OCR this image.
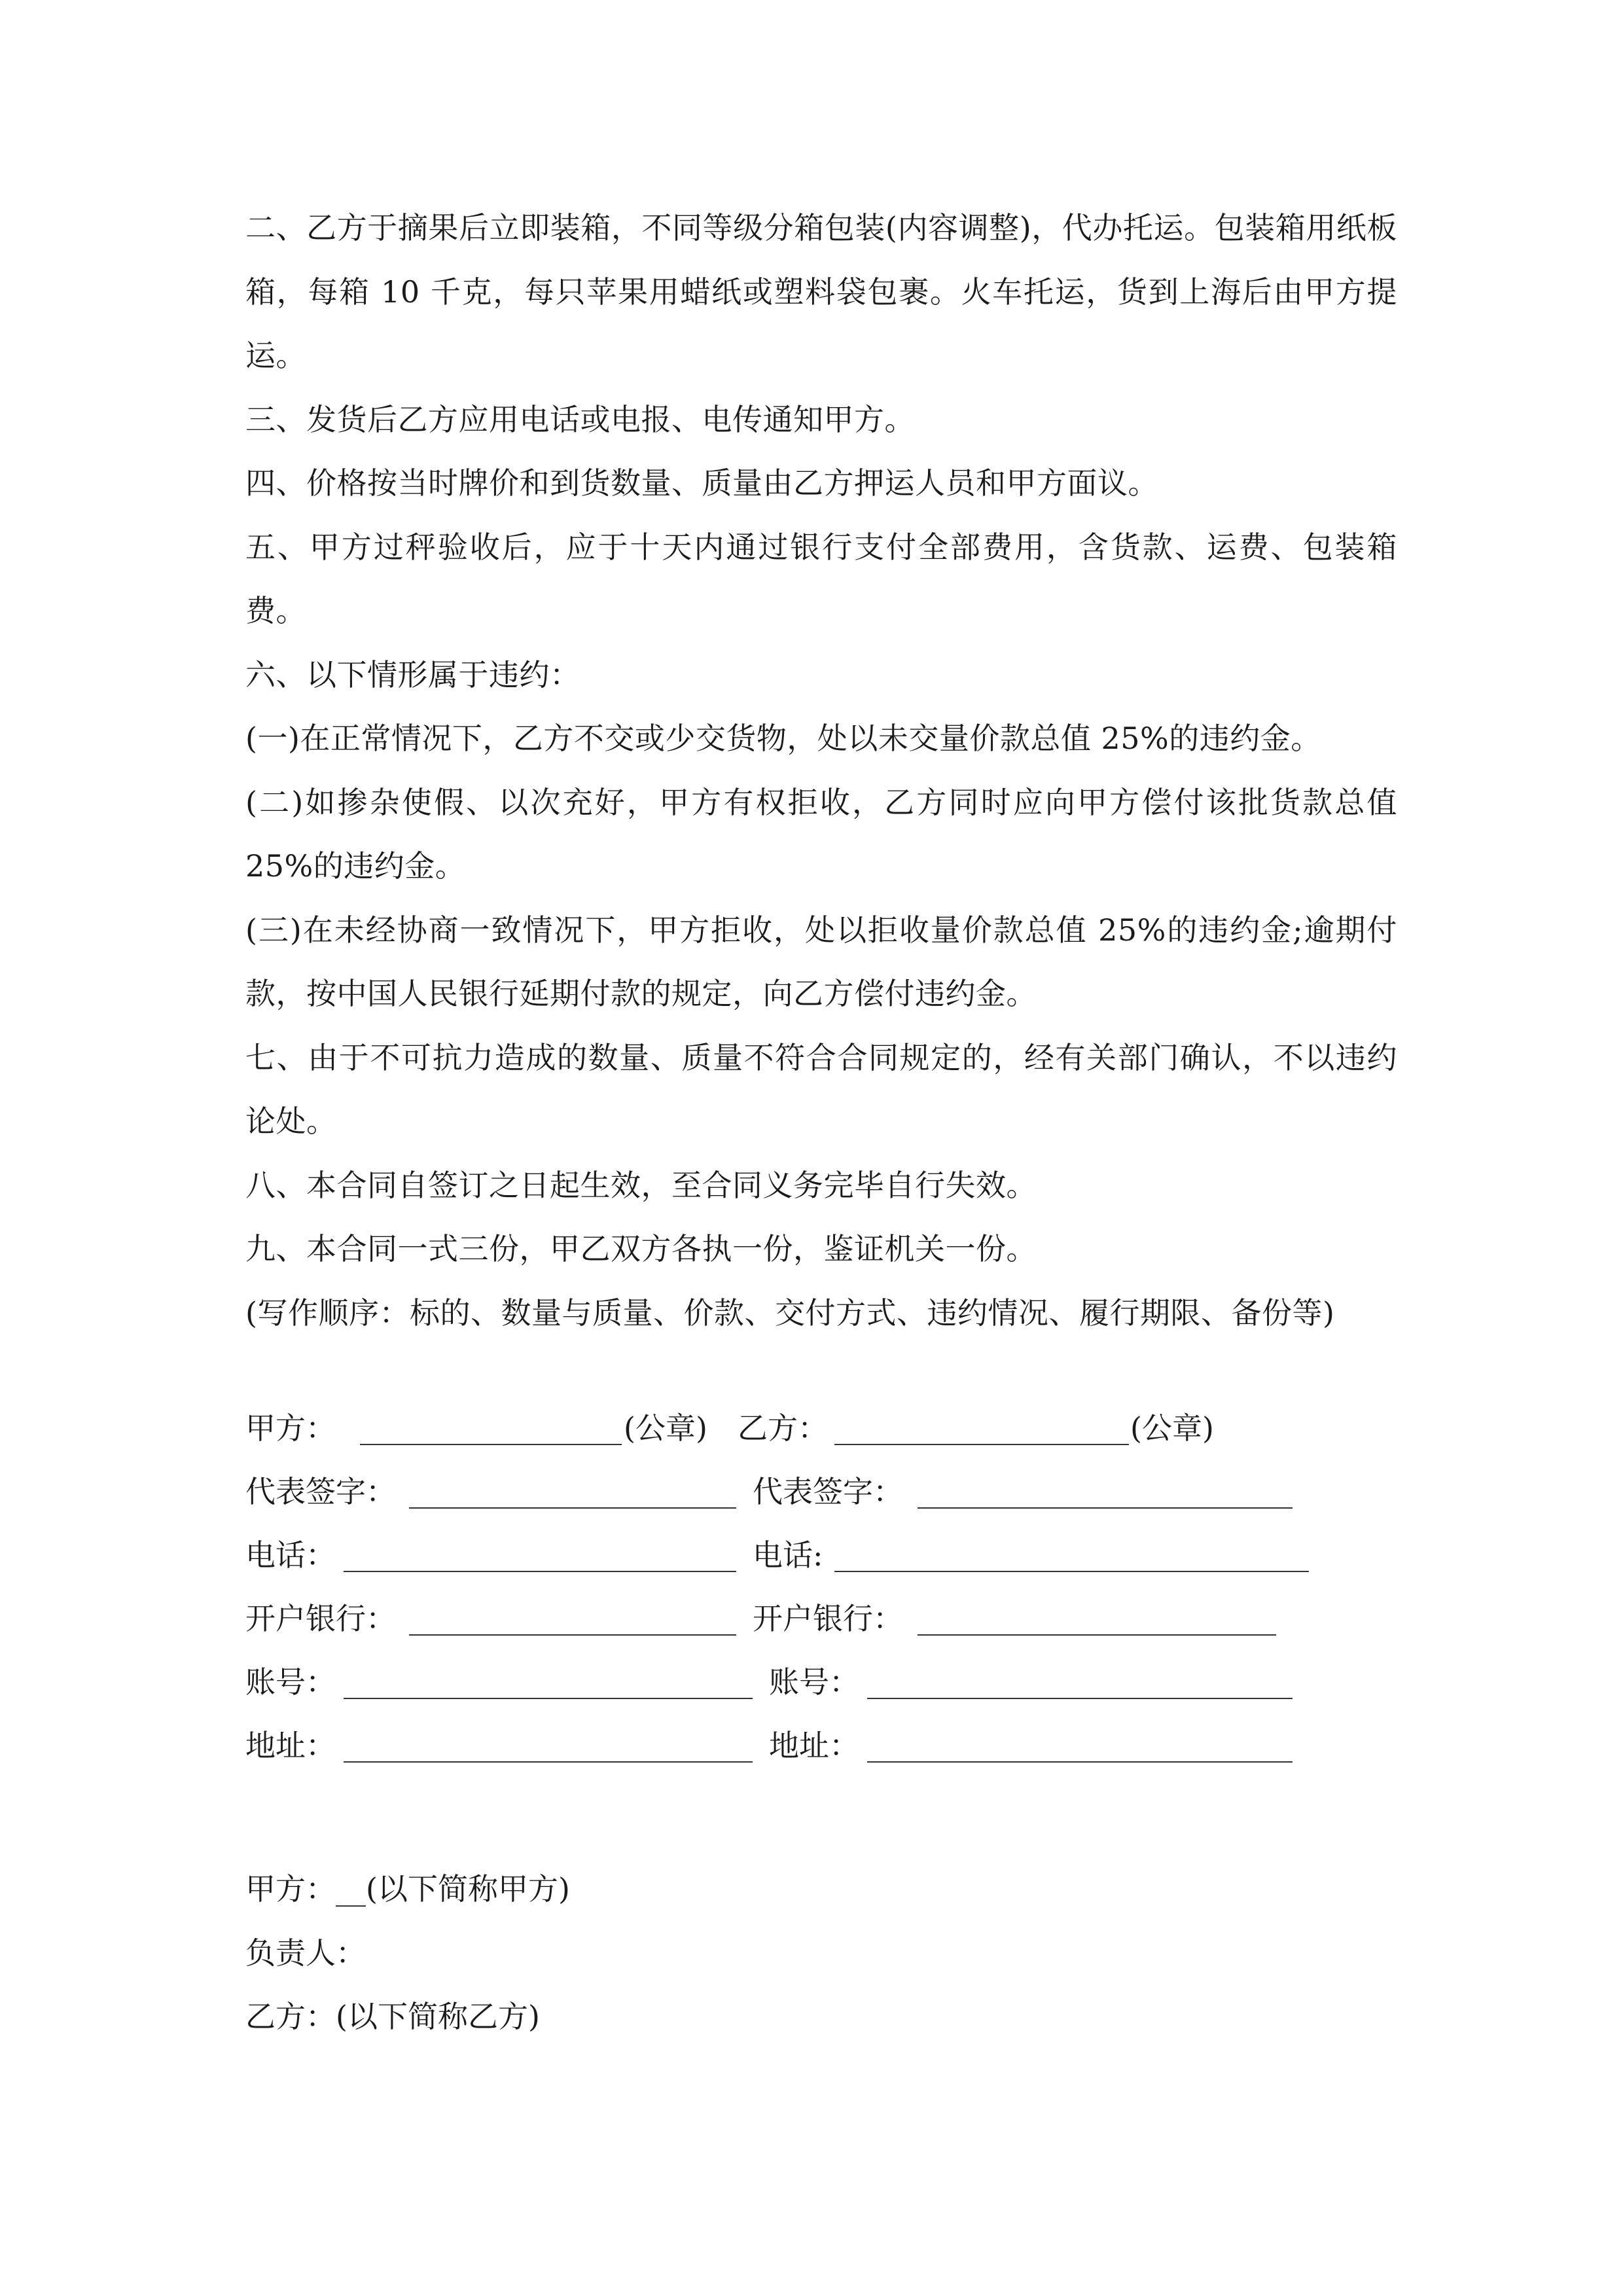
二、乙方于摘果后立即装箱，不同等级分箱包装(内容调整)，代办托运。包装箱用纸板箱，每箱 10 千克，每只苹果用蜡纸或塑料袋包裹。火车托运，货到上海后由甲方提运。

三、发货后乙方应用电话或电报、电传通知甲方。

四、价格按当时牌价和到货数量、质量由乙方押运人员和甲方面议。

五、甲方过秤验收后，应于十天内通过银行支付全部费用，含货款、运费、包装箱费。

六、以下情形属于违约：

(一)在正常情况下，乙方不交或少交货物，处以未交量价款总值 25%的违约金。

(二)如掺杂使假、以次充好，甲方有权拒收，乙方同时应向甲方偿付该批货款总值 25%的违约金。

(三)在未经协商一致情况下，甲方拒收，处以拒收量价款总值 25%的违约金;逾期付款，按中国人民银行延期付款的规定，向乙方偿付违约金。

七、由于不可抗力造成的数量、质量不符合合同规定的，经有关部门确认，不以违约论处。

八、本合同自签订之日起生效，至合同义务完毕自行失效。

九、本合同一式三份，甲乙双方各执一份，鉴证机关一份。

(写作顺序：标的、数量与质量、价款、交付方式、违约情况、履行期限、备份等)

甲方：	(公章) 乙方：	(公章)
代表签字：	代表签字：
电话：	电话:
开户银行：	开户银行：
账号：	账号：
地址：	地址：

甲方：__(以下简称甲方)

负责人：

乙方：(以下简称乙方)
